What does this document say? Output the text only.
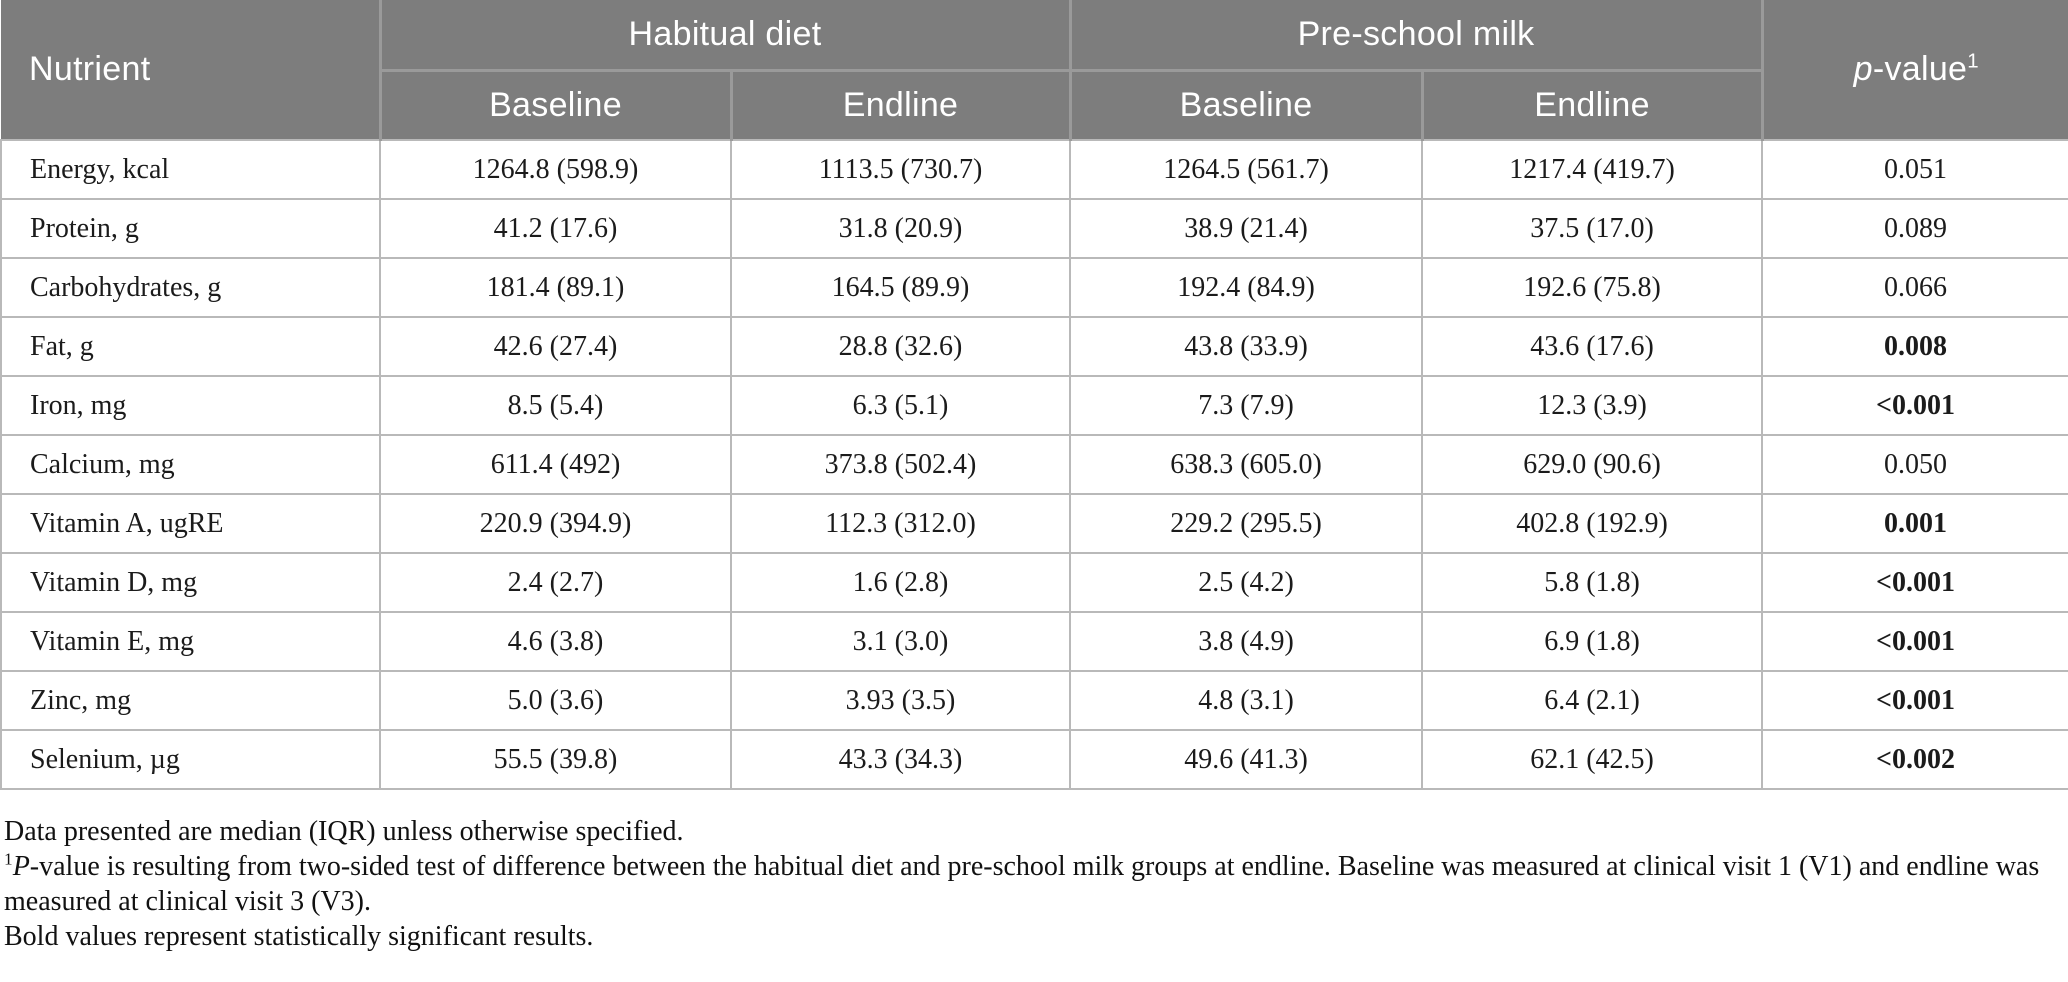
Nutrient	Habitual diet		Pre-school milk		p-value$^1$
	Baseline	Endline	Baseline	Endline	
Energy, kcal	1264.8 (598.9)	1113.5 (730.7)	1264.5 (561.7)	1217.4 (419.7)	0.051
Protein, g	41.2 (17.6)	31.8 (20.9)	38.9 (21.4)	37.5 (17.0)	0.089
Carbohydrates, g	181.4 (89.1)	164.5 (89.9)	192.4 (84.9)	192.6 (75.8)	0.066
Fat, g	42.6 (27.4)	28.8 (32.6)	43.8 (33.9)	43.6 (17.6)	0.008
Iron, mg	8.5 (5.4)	6.3 (5.1)	7.3 (7.9)	12.3 (3.9)	<0.001
Calcium, mg	611.4 (492)	373.8 (502.4)	638.3 (605.0)	629.0 (90.6)	0.050
Vitamin A, ugRE	220.9 (394.9)	112.3 (312.0)	229.2 (295.5)	402.8 (192.9)	0.001
Vitamin D, mg	2.4 (2.7)	1.6 (2.8)	2.5 (4.2)	5.8 (1.8)	<0.001
Vitamin E, mg	4.6 (3.8)	3.1 (3.0)	3.8 (4.9)	6.9 (1.8)	<0.001
Zinc, mg	5.0 (3.6)	3.93 (3.5)	4.8 (3.1)	6.4 (2.1)	<0.001
Selenium, µg	55.5 (39.8)	43.3 (34.3)	49.6 (41.3)	62.1 (42.5)	<0.002

Data presented are median (IQR) unless otherwise specified.

$^1$P-value is resulting from two-sided test of difference between the habitual diet and pre-school milk groups at endline. Baseline was measured at clinical visit 1 (V1) and endline was measured at clinical visit 3 (V3).

Bold values represent statistically significant results.
